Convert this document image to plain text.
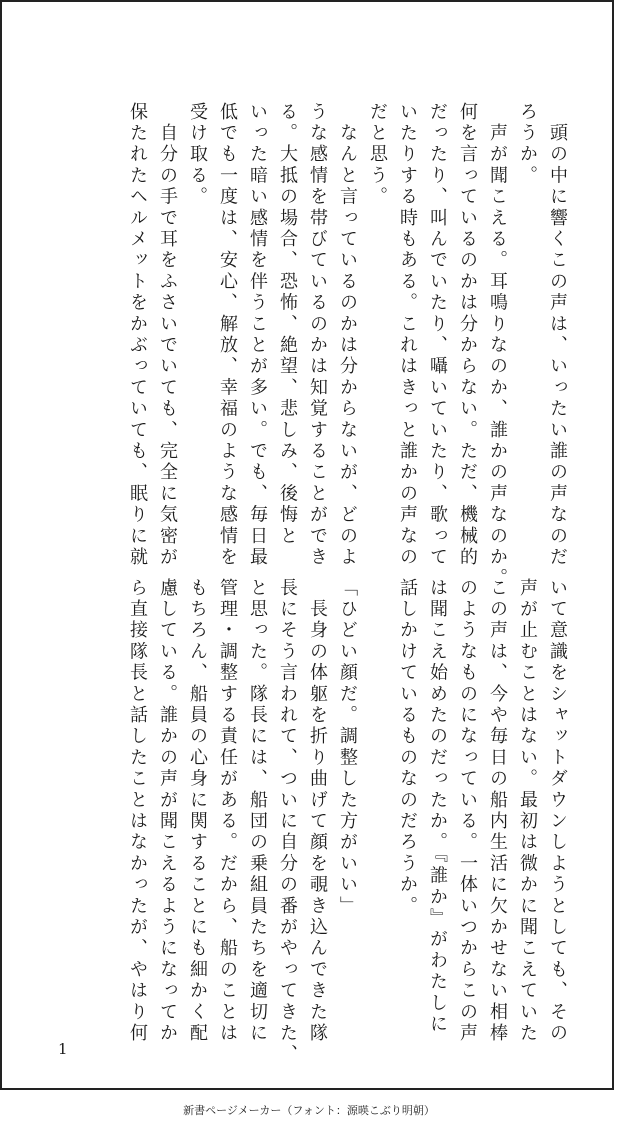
　頭の中に響くこの声は、いったい誰の声なのだ
ろうか。

　声が聞こえる。耳鳴りなのか、誰かの声なのか。
何を言っているのかは分からない。ただ、機械的
だったり、叫んでいたり、囁いていたり、歌って
いたりする時もある。これはきっと誰かの声なの
だと思う。

　なんと言っているのかは分からないが、どのよ
うな感情を帯びているのかは知覚することができ
る。大抵の場合、恐怖、絶望、悲しみ、後悔と
いった暗い感情を伴うことが多い。でも、毎日最
低でも一度は、安心、解放、幸福のような感情を
受け取る。

　自分の手で耳をふさいでいても、完全に気密が
保たれたヘルメットをかぶっていても、眠りに就

いて意識をシャットダウンしようとしても、その
声が止むことはない。最初は微かに聞こえていた
この声は、今や毎日の船内生活に欠かせない相棒
のようなものになっている。一体いつからこの声
は聞こえ始めたのだったか。『誰か』がわたしに
話しかけているものなのだろうか。

「ひどい顔だ。調整した方がいい」

　長身の体躯を折り曲げて顔を覗き込んできた隊
長にそう言われて、ついに自分の番がやってきた、
と思った。隊長には、船団の乗組員たちを適切に
管理・調整する責任がある。だから、船のことは
もちろん、船員の心身に関することにも細かく配
慮している。誰かの声が聞こえるようになってか
ら直接隊長と話したことはなかったが、やはり何

1
新書ページメーカー（フォント：源暎こぶり明朝）
